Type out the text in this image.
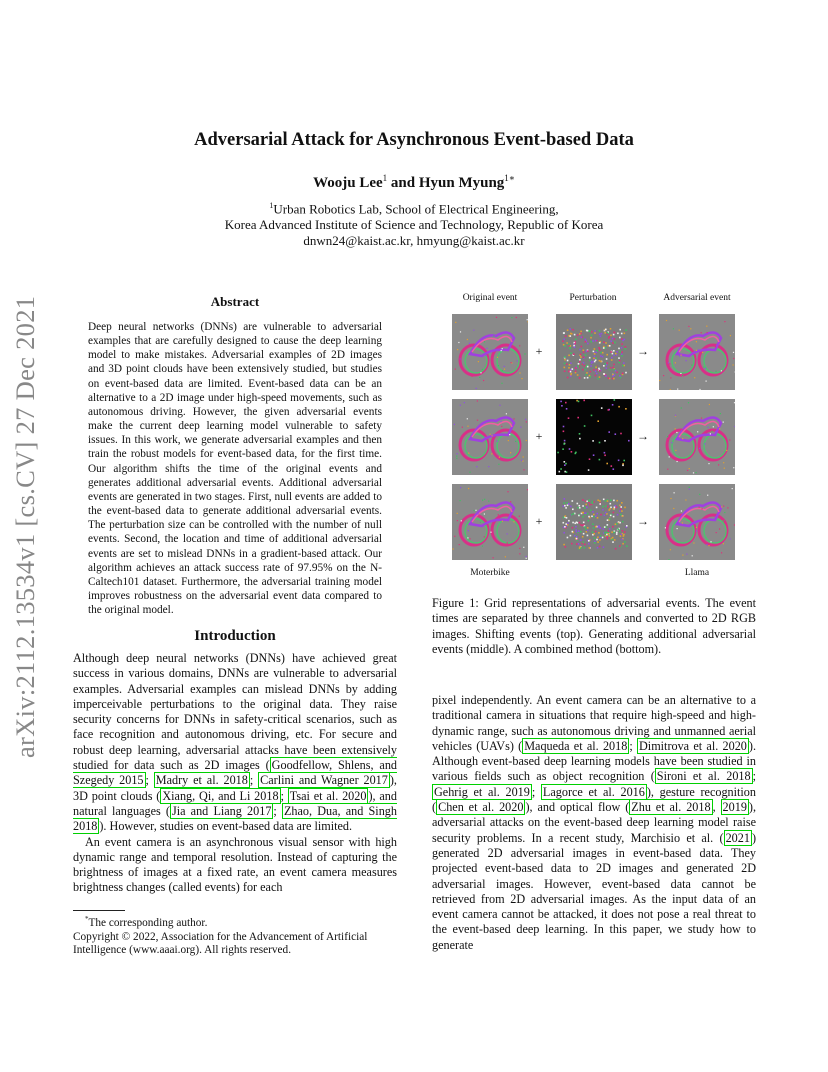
arXiv:2112.13534v1 [cs.CV] 27 Dec 2021
Adversarial Attack for Asynchronous Event-based Data
Wooju Lee$^1$ and Hyun Myung$^{1∗}$
$^1$Urban Robotics Lab, School of Electrical Engineering,
Korea Advanced Institute of Science and Technology, Republic of Korea
dnwn24@kaist.ac.kr, hmyung@kaist.ac.kr
Abstract
Deep neural networks (DNNs) are vulnerable to adversarial examples that are carefully designed to cause the deep learning model to make mistakes. Adversarial examples of 2D images and 3D point clouds have been extensively studied, but studies on event-based data are limited. Event-based data can be an alternative to a 2D image under high-speed movements, such as autonomous driving. However, the given adversarial events make the current deep learning model vulnerable to safety issues. In this work, we generate adversarial examples and then train the robust models for event-based data, for the first time. Our algorithm shifts the time of the original events and generates additional adversarial events. Additional adversarial events are generated in two stages. First, null events are added to the event-based data to generate additional adversarial events. The perturbation size can be controlled with the number of null events. Second, the location and time of additional adversarial events are set to mislead DNNs in a gradient-based attack. Our algorithm achieves an attack success rate of 97.95% on the N-Caltech101 dataset. Furthermore, the adversarial training model improves robustness on the adversarial event data compared to the original model.
Introduction

Although deep neural networks (DNNs) have achieved great success in various domains, DNNs are vulnerable to adversarial examples. Adversarial examples can mislead DNNs by adding imperceivable perturbations to the original data. They raise security concerns for DNNs in safety-critical scenarios, such as face recognition and autonomous driving, etc. For secure and robust deep learning, adversarial attacks have been extensively studied for data such as 2D images ( Goodfellow, Shlens, and Szegedy 2015 ; Madry et al. 2018 ; Carlini and Wagner 2017 ), 3D point clouds ( Xiang, Qi, and Li 2018 ; Tsai et al. 2020 ), and natural languages ( Jia and Liang 2017 ; Zhao, Dua, and Singh 2018 ). However, studies on event-based data are limited.

An event camera is an asynchronous visual sensor with high dynamic range and temporal resolution. Instead of capturing the brightness of images at a fixed rate, an event camera measures brightness changes (called events) for each

*The corresponding author.
Copyright © 2022, Association for the Advancement of Artificial Intelligence (www.aaai.org). All rights reserved.
Original event	Perturbation	Adversarial event
+	→
+	→
+	→
Moterbike	Llama
Figure 1: Grid representations of adversarial events. The event times are separated by three channels and converted to 2D RGB images. Shifting events (top). Generating additional adversarial events (middle). A combined method (bottom).
pixel independently. An event camera can be an alternative to a traditional camera in situations that require high-speed and high-dynamic range, such as autonomous driving and unmanned aerial vehicles (UAVs) ( Maqueda et al. 2018 ; Dimitrova et al. 2020 ). Although event-based deep learning models have been studied in various fields such as object recognition ( Sironi et al. 2018 ; Gehrig et al. 2019 ; Lagorce et al. 2016 ), gesture recognition ( Chen et al. 2020 ), and optical flow ( Zhu et al. 2018 , 2019 ), adversarial attacks on the event-based deep learning model raise security problems. In a recent study, Marchisio et al. ( 2021 ) generated 2D adversarial images in event-based data. They projected event-based data to 2D images and generated 2D adversarial images. However, event-based data cannot be retrieved from 2D adversarial images. As the input data of an event camera cannot be attacked, it does not pose a real threat to the event-based deep learning. In this paper, we study how to generate
